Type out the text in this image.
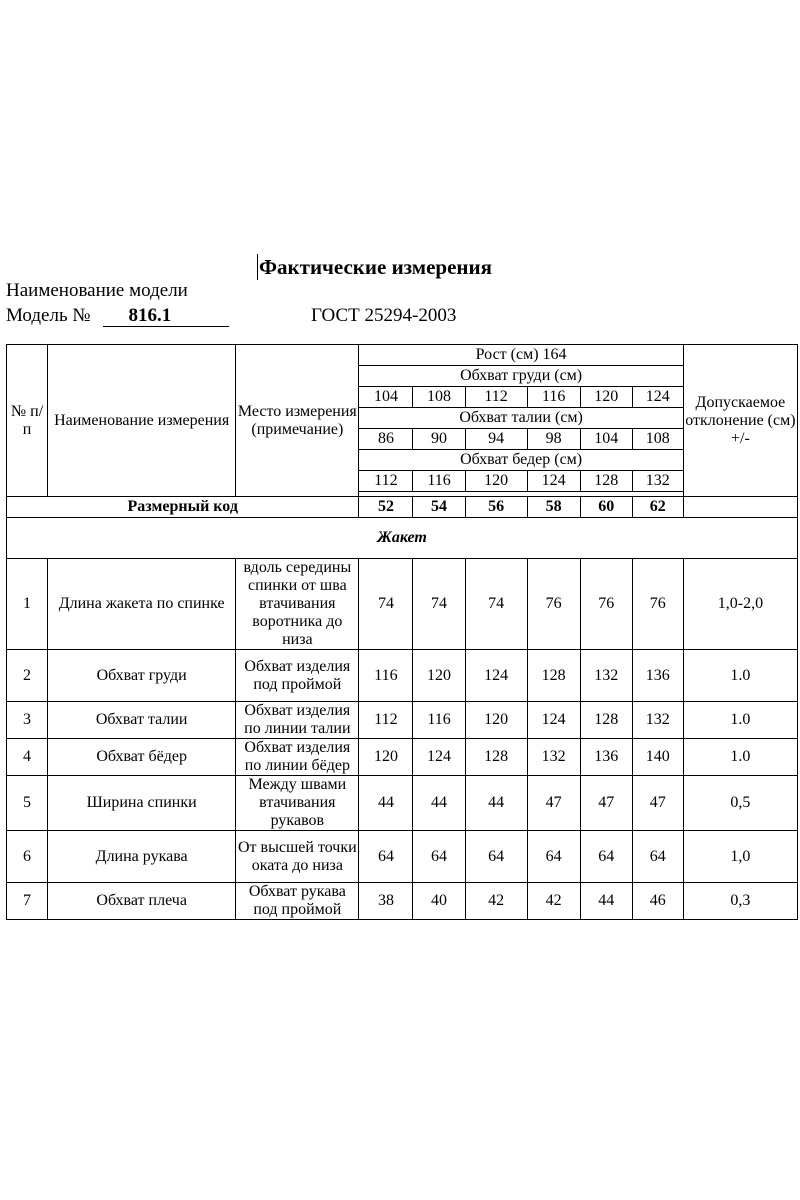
Фактические измерения
Наименование модели
Модель № 816.1	ГОСТ 25294-2003
№ п/п	Наименование измерения	Место измерения (примечание)	Рост (см) 164						Допускаемое отклонение (см) +/-
			Обхват груди (см)						
			104	108	112	116	120	124	
			Обхват талии (см)						
			86	90	94	98	104	108	
			Обхват бедер (см)						
			112	116	120	124	128	132	

Размерный код			52	54	56	58	60	62	
Жакет									
1	Длина жакета по спинке	вдоль середины спинки от шва втачивания воротника до низа	74	74	74	76	76	76	1,0-2,0
2	Обхват груди	Обхват изделия под проймой	116	120	124	128	132	136	1.0
3	Обхват талии	Обхват изделия по линии талии	112	116	120	124	128	132	1.0
4	Обхват бёдер	Обхват изделия по линии бёдер	120	124	128	132	136	140	1.0
5	Ширина спинки	Между швами втачивания рукавов	44	44	44	47	47	47	0,5
6	Длина рукава	От высшей точки оката до низа	64	64	64	64	64	64	1,0
7	Обхват плеча	Обхват рукава под проймой	38	40	42	42	44	46	0,3
